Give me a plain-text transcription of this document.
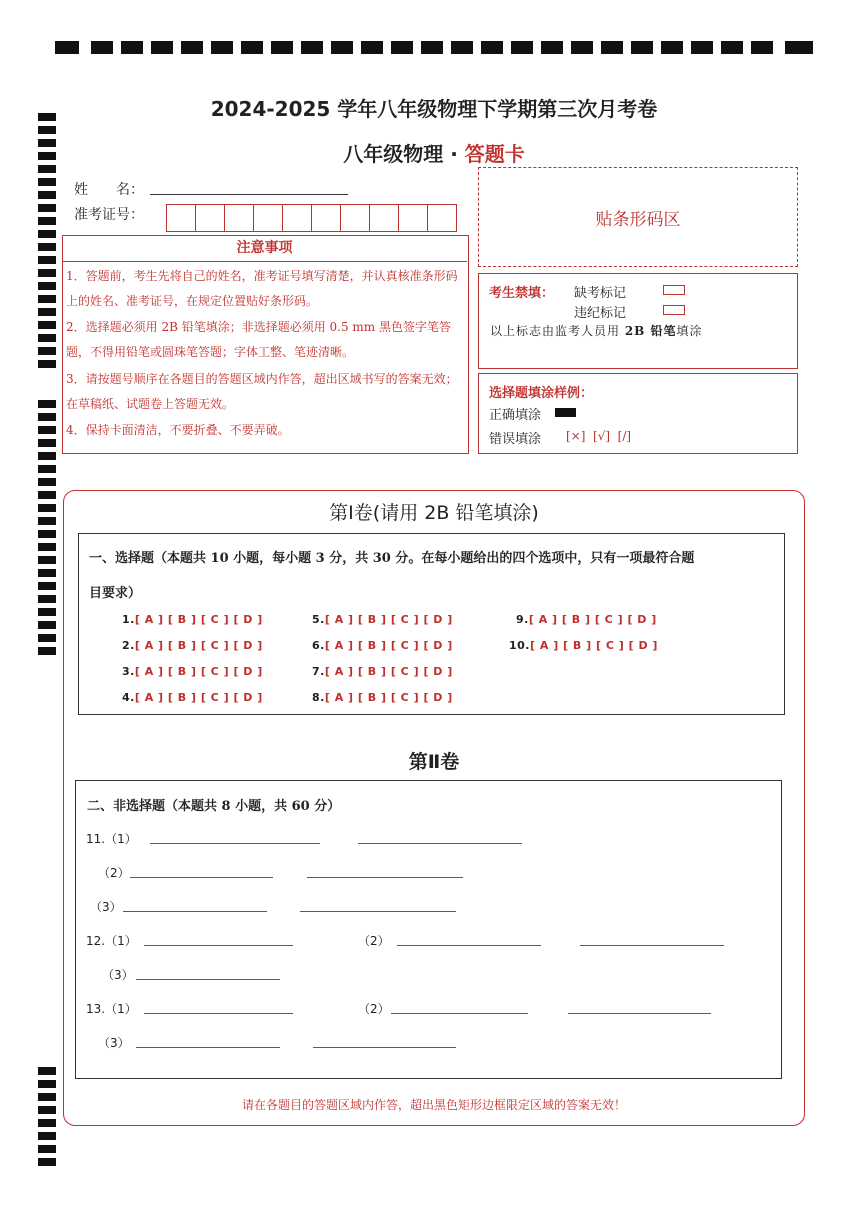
2024-2025 学年八年级物理下学期第三次月考卷
八年级物理 · 答题卡
姓　　名：
准考证号：	贴条形码区
注意事项
1．答题前，考生先将自己的姓名，准考证号填写清楚，并认真核准条形码上的姓名、准考证号，在规定位置贴好条形码。
2．选择题必须用 2B 铅笔填涂；非选择题必须用 0.5 mm 黑色签字笔答题，不得用铅笔或圆珠笔答题；字体工整、笔迹清晰。
3．请按题号顺序在各题目的答题区域内作答，超出区域书写的答案无效；在草稿纸、试题卷上答题无效。
4．保持卡面清洁，不要折叠、不要弄破。
考生禁填： 缺考标记
违纪标记
以上标志由监考人员用 2B 铅笔填涂
选择题填涂样例：
正确填涂
错误填涂 [×]  [√]  [/]
第Ⅰ卷(请用 2B 铅笔填涂)
一、选择题（本题共 10 小题，每小题 3 分，共 30 分。在每小题给出的四个选项中，只有一项最符合题
目要求）
1.[ A ] [ B ] [ C ] [ D ]
2.[ A ] [ B ] [ C ] [ D ]
3.[ A ] [ B ] [ C ] [ D ]
4.[ A ] [ B ] [ C ] [ D ]
5.[ A ] [ B ] [ C ] [ D ]
6.[ A ] [ B ] [ C ] [ D ]
7.[ A ] [ B ] [ C ] [ D ]
8.[ A ] [ B ] [ C ] [ D ]
9.[ A ] [ B ] [ C ] [ D ]
10.[ A ] [ B ] [ C ] [ D ]
第Ⅱ卷
二、非选择题（本题共 8 小题，共 60 分）
11.（1）
（2）
（3）
12.（1）	（2）
（3）
13.（1）	（2）
（3）
请在各题目的答题区域内作答，超出黑色矩形边框限定区域的答案无效！
